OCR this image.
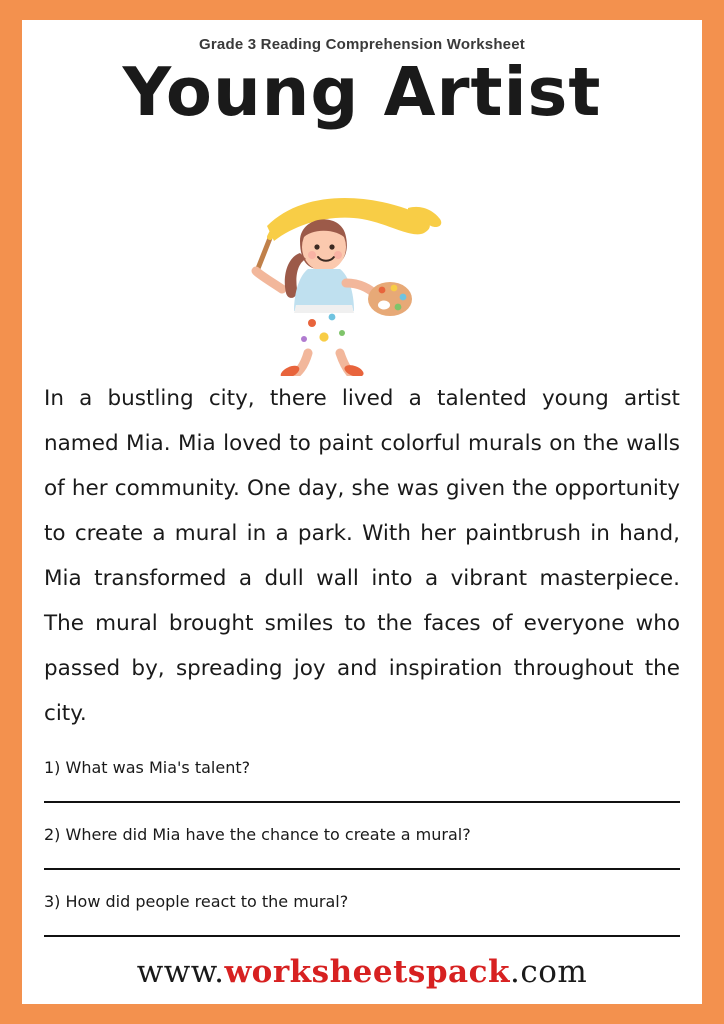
Grade 3 Reading Comprehension Worksheet
Young Artist

In a bustling city, there lived a talented young artist named Mia. Mia loved to paint colorful murals on the walls of her community. One day, she was given the opportunity to create a mural in a park. With her paintbrush in hand, Mia transformed a dull wall into a vibrant masterpiece. The mural brought smiles to the faces of everyone who passed by, spreading joy and inspiration throughout the city.

1) What was Mia's talent?
2) Where did Mia have the chance to create a mural?
3) How did people react to the mural?
www.worksheetspack.com
